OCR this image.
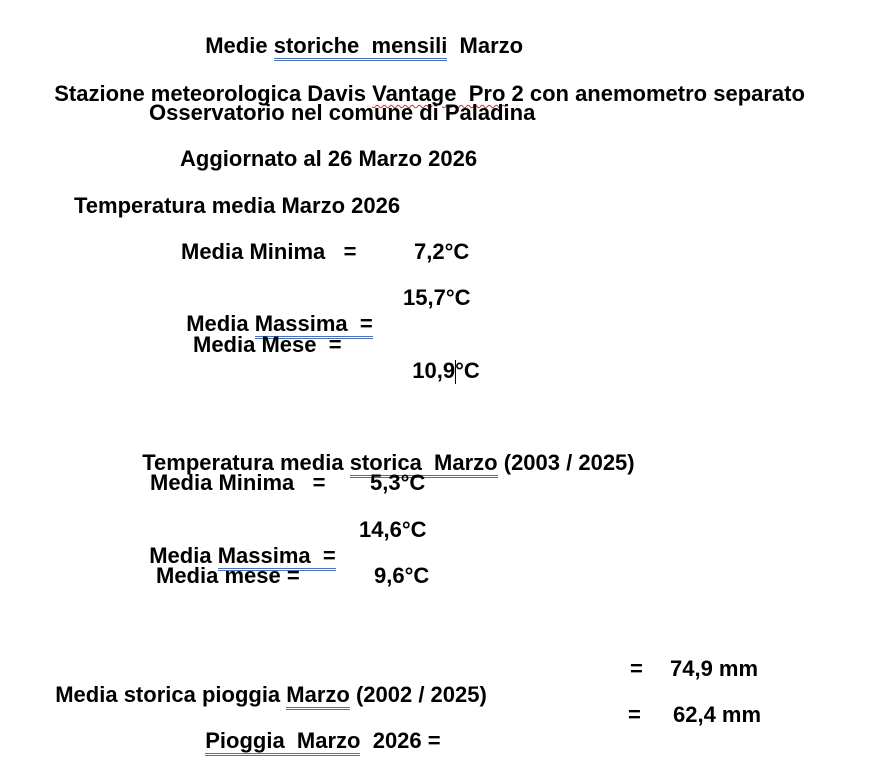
Medie storiche  mensili  Marzo

Stazione meteorologica Davis Vantage  Pro 2 con anemometro separato

Osservatorio nel comune di Paladina
Aggiornato al 26 Marzo 2026
Temperatura media Marzo 2026
Media Minima   =	7,2°C

Media Massima  =

15,7°C
Media Mese  =

10,9°C

Temperatura media storica  Marzo (2003 / 2025)

Media Minima   = 5,3°C

Media Massima  =

14,6°C
Media mese =	9,6°C

Media storica pioggia Marzo (2002 / 2025)

= 74,9 mm

Pioggia  Marzo  2026 =

= 62,4 mm
